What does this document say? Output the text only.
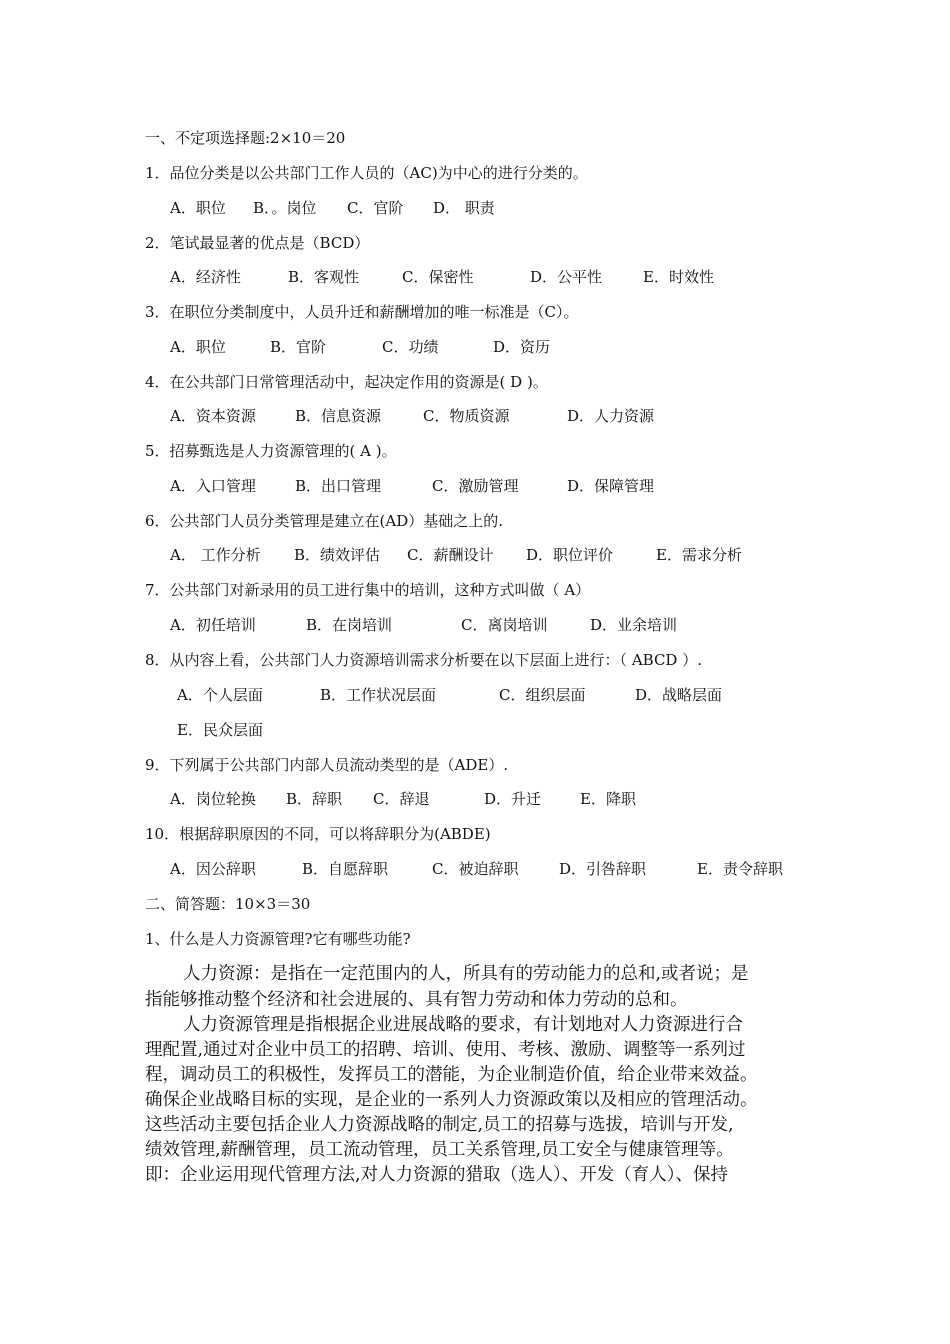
一、不定项选择题:2×10＝20
1．品位分类是以公共部门工作人员的（AC)为中心的进行分类的。
A．职位 B．。岗位 C．官阶 D． 职责
2．笔试最显著的优点是（BCD）
A．经济性	B．客观性	C．保密性	D．公平性	E．时效性
3．在职位分类制度中，人员升迁和薪酬增加的唯一标准是（C）。
A．职位	B．官阶	C．功绩	D．资历
4．在公共部门日常管理活动中，起决定作用的资源是( D )。
A．资本资源	B．信息资源	C．物质资源	D．人力资源
5．招募甄选是人力资源管理的( A )。
A．入口管理	B．出口管理	C．激励管理	D．保障管理
6．公共部门人员分类管理是建立在(AD）基础之上的.
A． 工作分析 B．绩效评估 C．薪酬设计 D．职位评价	E．需求分析
7．公共部门对新录用的员工进行集中的培训，这种方式叫做（ A）
A．初任培训	B．在岗培训	C．离岗培训	D．业余培训
8．从内容上看，公共部门人力资源培训需求分析要在以下层面上进行：（ ABCD ）.
A．个人层面	B．工作状况层面	C．组织层面	D．战略层面
E．民众层面
9．下列属于公共部门内部人员流动类型的是（ADE）.
A．岗位轮换 B．辞职 C．辞退	D．升迁	E．降职
10．根据辞职原因的不同，可以将辞职分为(ABDE)
A．因公辞职	B．自愿辞职	C．被迫辞职	D．引咎辞职	E．责令辞职
二、简答题：10×3＝30
1、什么是人力资源管理?它有哪些功能?
人力资源：是指在一定范围内的人，所具有的劳动能力的总和,或者说；是
指能够推动整个经济和社会进展的、具有智力劳动和体力劳动的总和。
人力资源管理是指根据企业进展战略的要求，有计划地对人力资源进行合
理配置,通过对企业中员工的招聘、培训、使用、考核、激励、调整等一系列过
程，调动员工的积极性，发挥员工的潜能，为企业制造价值，给企业带来效益。
确保企业战略目标的实现，是企业的一系列人力资源政策以及相应的管理活动。
这些活动主要包括企业人力资源战略的制定,员工的招募与选拔，培训与开发,
绩效管理,薪酬管理，员工流动管理，员工关系管理,员工安全与健康管理等。
即：企业运用现代管理方法,对人力资源的猎取（选人）、开发（育人）、保持
